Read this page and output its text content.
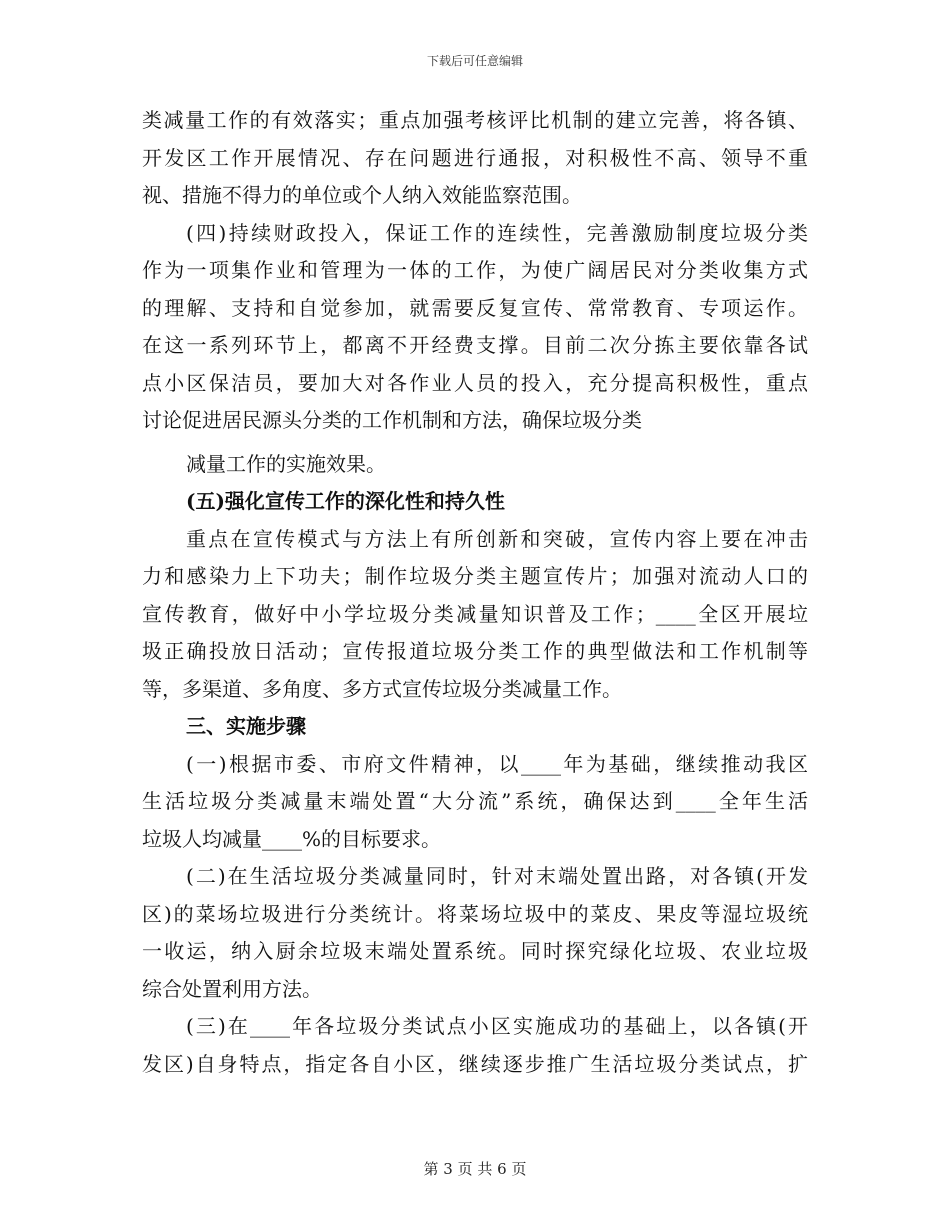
下载后可任意编辑
类减量工作的有效落实；重点加强考核评比机制的建立完善，将各镇、
开发区工作开展情况、存在问题进行通报，对积极性不高、领导不重
视、措施不得力的单位或个人纳入效能监察范围。
(四)持续财政投入，保证工作的连续性，完善激励制度垃圾分类
作为一项集作业和管理为一体的工作，为使广阔居民对分类收集方式
的理解、支持和自觉参加，就需要反复宣传、常常教育、专项运作。
在这一系列环节上，都离不开经费支撑。目前二次分拣主要依靠各试
点小区保洁员，要加大对各作业人员的投入，充分提高积极性，重点
讨论促进居民源头分类的工作机制和方法，确保垃圾分类
减量工作的实施效果。
(五)强化宣传工作的深化性和持久性
重点在宣传模式与方法上有所创新和突破，宣传内容上要在冲击
力和感染力上下功夫；制作垃圾分类主题宣传片；加强对流动人口的
宣传教育，做好中小学垃圾分类减量知识普及工作；____全区开展垃
圾正确投放日活动；宣传报道垃圾分类工作的典型做法和工作机制等
等，多渠道、多角度、多方式宣传垃圾分类减量工作。
三、实施步骤
(一)根据市委、市府文件精神，以____年为基础，继续推动我区
生活垃圾分类减量末端处置“大分流”系统，确保达到____全年生活
垃圾人均减量____%的目标要求。
(二)在生活垃圾分类减量同时，针对末端处置出路，对各镇(开发
区)的菜场垃圾进行分类统计。将菜场垃圾中的菜皮、果皮等湿垃圾统
一收运，纳入厨余垃圾末端处置系统。同时探究绿化垃圾、农业垃圾
综合处置利用方法。
(三)在____年各垃圾分类试点小区实施成功的基础上，以各镇(开
发区)自身特点，指定各自小区，继续逐步推广生活垃圾分类试点，扩
第 3 页 共 6 页
